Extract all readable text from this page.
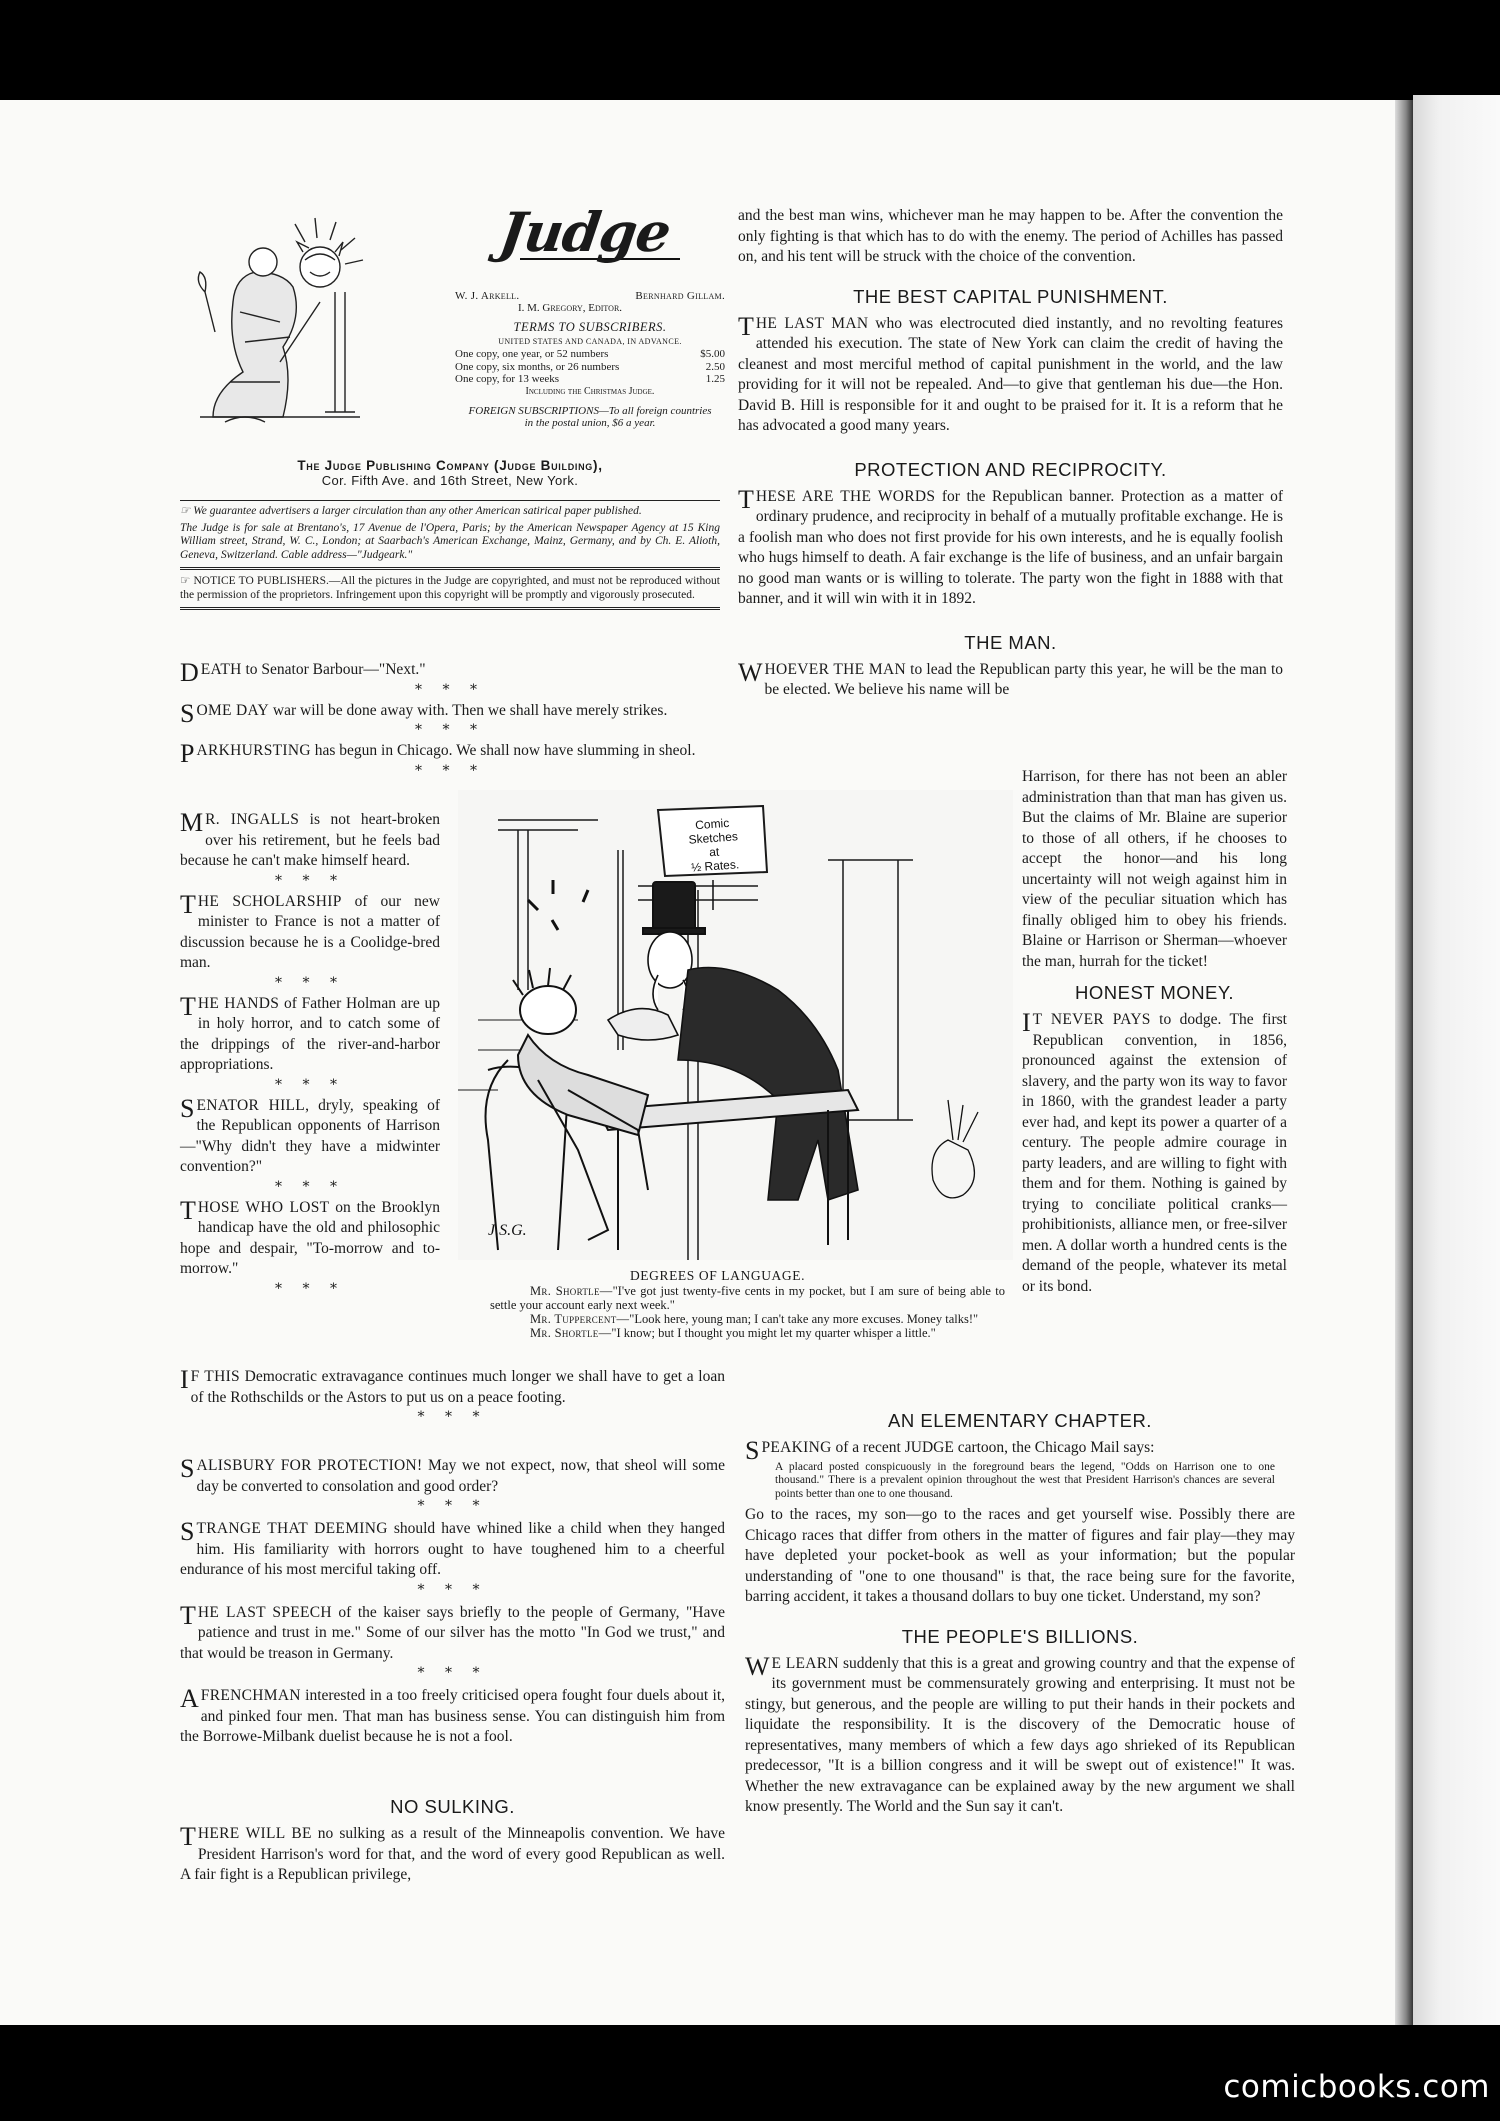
Judge
W. J. Arkell.	Bernhard Gillam.
I. M. Gregory, Editor.
TERMS TO SUBSCRIBERS.
UNITED STATES AND CANADA, IN ADVANCE.
One copy, one year, or 52 numbers	$5.00
One copy, six months, or 26 numbers	2.50
One copy, for 13 weeks	1.25
Including the Christmas Judge.
FOREIGN SUBSCRIPTIONS—To all foreign countries in the postal union, $6 a year.
The Judge Publishing Company (Judge Building),
Cor. Fifth Ave. and 16th Street, New York.
☞ We guarantee advertisers a larger circulation than any other American satirical paper published.
The Judge is for sale at Brentano's, 17 Avenue de l'Opera, Paris; by the American Newspaper Agency at 15 King William street, Strand, W. C., London; at Saarbach's American Exchange, Mainz, Germany, and by Ch. E. Alioth, Geneva, Switzerland. Cable address—"Judgeark."
☞ NOTICE TO PUBLISHERS.—All the pictures in the Judge are copyrighted, and must not be reproduced without the permission of the proprietors. Infringement upon this copyright will be promptly and vigorously prosecuted.

DEATH to Senator Barbour—"Next."

* * *

SOME DAY war will be done away with. Then we shall have merely strikes.

* * *

PARKHURSTING has begun in Chicago. We shall now have slumming in sheol.

* * *

M R. INGALLS is not heart-broken over his retirement, but he feels bad because he can't make himself heard.

* * *

THE SCHOLARSHIP of our new minister to France is not a matter of discussion because he is a Coolidge-bred man.

* * *

THE HANDS of Father Holman are up in holy horror, and to catch some of the drippings of the river-and-harbor appropriations.

* * *

SENATOR HILL, dryly, speaking of the Republican opponents of Harrison—"Why didn't they have a midwinter convention?"

* * *

THOSE WHO LOST on the Brooklyn handicap have the old and philosophic hope and despair, "To-morrow and to-morrow."

* * *

I F THIS Democratic extravagance continues much longer we shall have to get a loan of the Rothschilds or the Astors to put us on a peace footing.

* * *

SALISBURY FOR PROTECTION! May we not expect, now, that sheol will some day be converted to consolation and good order?

* * *

STRANGE THAT DEEMING should have whined like a child when they hanged him. His familiarity with horrors ought to have toughened him to a cheerful endurance of his most merciful taking off.

* * *

THE LAST SPEECH of the kaiser says briefly to the people of Germany, "Have patience and trust in me." Some of our silver has the motto "In God we trust," and that would be treason in Germany.

* * *

A FRENCHMAN interested in a too freely criticised opera fought four duels about it, and pinked four men. That man has business sense. You can distinguish him from the Borrowe-Milbank duelist because he is not a fool.

NO SULKING.

THERE WILL BE no sulking as a result of the Minneapolis convention. We have President Harrison's word for that, and the word of every good Republican as well. A fair fight is a Republican privilege,

ComicSketchesat½ Rates.
J.S.G.
DEGREES OF LANGUAGE.

Mr. Shortle—"I've got just twenty-five cents in my pocket, but I am sure of being able to settle your account early next week."

Mr. Tuppercent—"Look here, young man; I can't take any more excuses. Money talks!"

Mr. Shortle—"I know; but I thought you might let my quarter whisper a little."

and the best man wins, whichever man he may happen to be. After the convention the only fighting is that which has to do with the enemy. The period of Achilles has passed on, and his tent will be struck with the choice of the convention.

THE BEST CAPITAL PUNISHMENT.

THE LAST MAN who was electrocuted died instantly, and no revolting features attended his execution. The state of New York can claim the credit of having the cleanest and most merciful method of capital punishment in the world, and the law providing for it will not be repealed. And—to give that gentleman his due—the Hon. David B. Hill is responsible for it and ought to be praised for it. It is a reform that he has advocated a good many years.

PROTECTION AND RECIPROCITY.

THESE ARE THE WORDS for the Republican banner. Protection as a matter of ordinary prudence, and reciprocity in behalf of a mutually profitable exchange. He is a foolish man who does not first provide for his own interests, and he is equally foolish who hugs himself to death. A fair exchange is the life of business, and an unfair bargain no good man wants or is willing to tolerate. The party won the fight in 1888 with that banner, and it will win with it in 1892.

THE MAN.

WHOEVER THE MAN to lead the Republican party this year, he will be the man to be elected. We believe his name will be

Harrison, for there has not been an abler administration than that man has given us. But the claims of Mr. Blaine are superior to those of all others, if he chooses to accept the honor—and his long uncertainty will not weigh against him in view of the peculiar situation which has finally obliged him to obey his friends. Blaine or Harrison or Sherman—whoever the man, hurrah for the ticket!

HONEST MONEY.

I T NEVER PAYS to dodge. The first Republican convention, in 1856, pronounced against the extension of slavery, and the party won its way to favor in 1860, with the grandest leader a party ever had, and kept its power a quarter of a century. The people admire courage in party leaders, and are willing to fight with them and for them. Nothing is gained by trying to conciliate political cranks—prohibitionists, alliance men, or free-silver men. A dollar worth a hundred cents is the demand of the people, whatever its metal or its bond.

AN ELEMENTARY CHAPTER.

SPEAKING of a recent JUDGE cartoon, the Chicago Mail says:

A placard posted conspicuously in the foreground bears the legend, "Odds on Harrison one to one thousand." There is a prevalent opinion throughout the west that President Harrison's chances are several points better than one to one thousand.

Go to the races, my son—go to the races and get yourself wise. Possibly there are Chicago races that differ from others in the matter of figures and fair play—they may have depleted your pocket-book as well as your information; but the popular understanding of "one to one thousand" is that, the race being sure for the favorite, barring accident, it takes a thousand dollars to buy one ticket. Understand, my son?

THE PEOPLE'S BILLIONS.

W E LEARN suddenly that this is a great and growing country and that the expense of its government must be commensurately growing and enterprising. It must not be stingy, but generous, and the people are willing to put their hands in their pockets and liquidate the responsibility. It is the discovery of the Democratic house of representatives, many members of which a few days ago shrieked of its Republican predecessor, "It is a billion congress and it will be swept out of existence!" It was. Whether the new extravagance can be explained away by the new argument we shall know presently. The World and the Sun say it can't.

comicbooks.com
